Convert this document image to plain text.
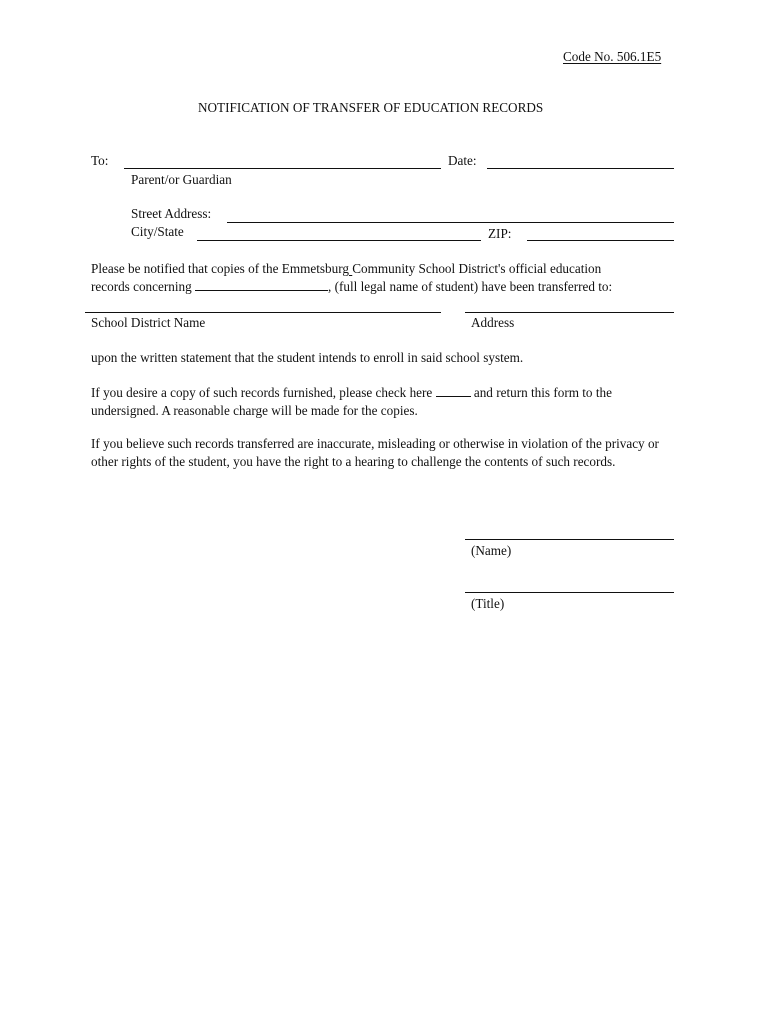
Code No. 506.1E5
NOTIFICATION OF TRANSFER OF EDUCATION RECORDS
To:	Date:
Parent/or Guardian
Street Address:
City/State	ZIP:
Please be notified that copies of the Emmetsburg Community School District's official education
records concerning	, (full legal name of student) have been transferred to:
School District Name	Address
upon the written statement that the student intends to enroll in said school system.
If you desire a copy of such records furnished, please check here	and return this form to the
undersigned. A reasonable charge will be made for the copies.
If you believe such records transferred are inaccurate, misleading or otherwise in violation of the privacy or other rights of the student, you have the right to a hearing to challenge the contents of such records.
(Name)
(Title)
